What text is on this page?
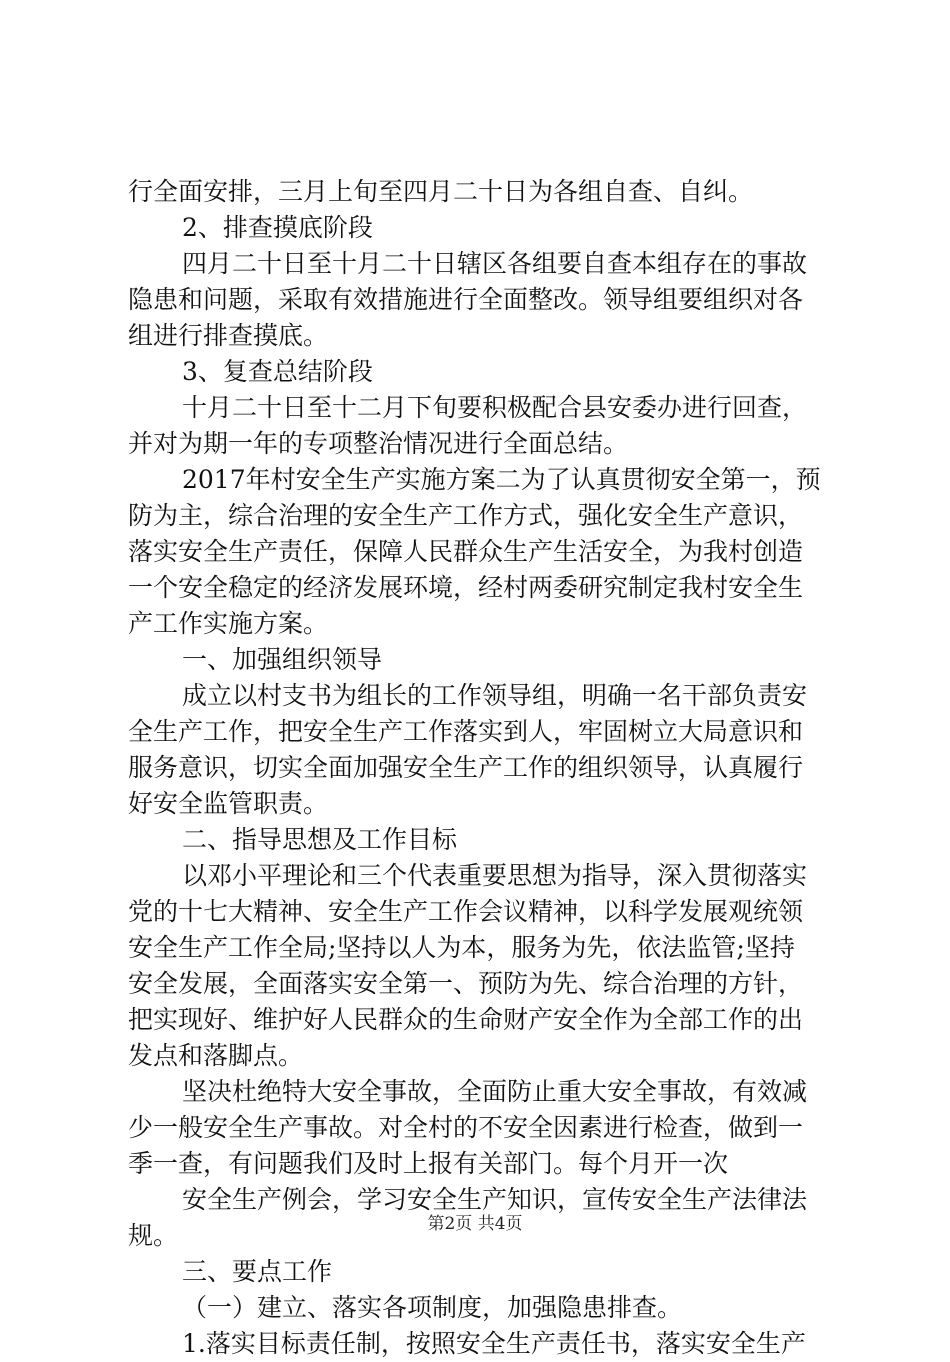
行全面安排，三月上旬至四月二十日为各组自查、自纠。
2、排查摸底阶段
四月二十日至十月二十日辖区各组要自查本组存在的事故
隐患和问题，采取有效措施进行全面整改。领导组要组织对各
组进行排查摸底。
3、复查总结阶段
十月二十日至十二月下旬要积极配合县安委办进行回查，
并对为期一年的专项整治情况进行全面总结。
2017年村安全生产实施方案二为了认真贯彻安全第一，预
防为主，综合治理的安全生产工作方式，强化安全生产意识，
落实安全生产责任，保障人民群众生产生活安全，为我村创造
一个安全稳定的经济发展环境，经村两委研究制定我村安全生
产工作实施方案。
一、加强组织领导
成立以村支书为组长的工作领导组，明确一名干部负责安
全生产工作，把安全生产工作落实到人，牢固树立大局意识和
服务意识，切实全面加强安全生产工作的组织领导，认真履行
好安全监管职责。
二、指导思想及工作目标
以邓小平理论和三个代表重要思想为指导，深入贯彻落实
党的十七大精神、安全生产工作会议精神，以科学发展观统领
安全生产工作全局;坚持以人为本，服务为先，依法监管;坚持
安全发展，全面落实安全第一、预防为先、综合治理的方针，
把实现好、维护好人民群众的生命财产安全作为全部工作的出
发点和落脚点。
坚决杜绝特大安全事故，全面防止重大安全事故，有效减
少一般安全生产事故。对全村的不安全因素进行检查，做到一
季一查，有问题我们及时上报有关部门。每个月开一次
安全生产例会，学习安全生产知识，宣传安全生产法律法
规。
三、要点工作
（一）建立、落实各项制度，加强隐患排查。
1.落实目标责任制，按照安全生产责任书，落实安全生产
第2页 共4页
